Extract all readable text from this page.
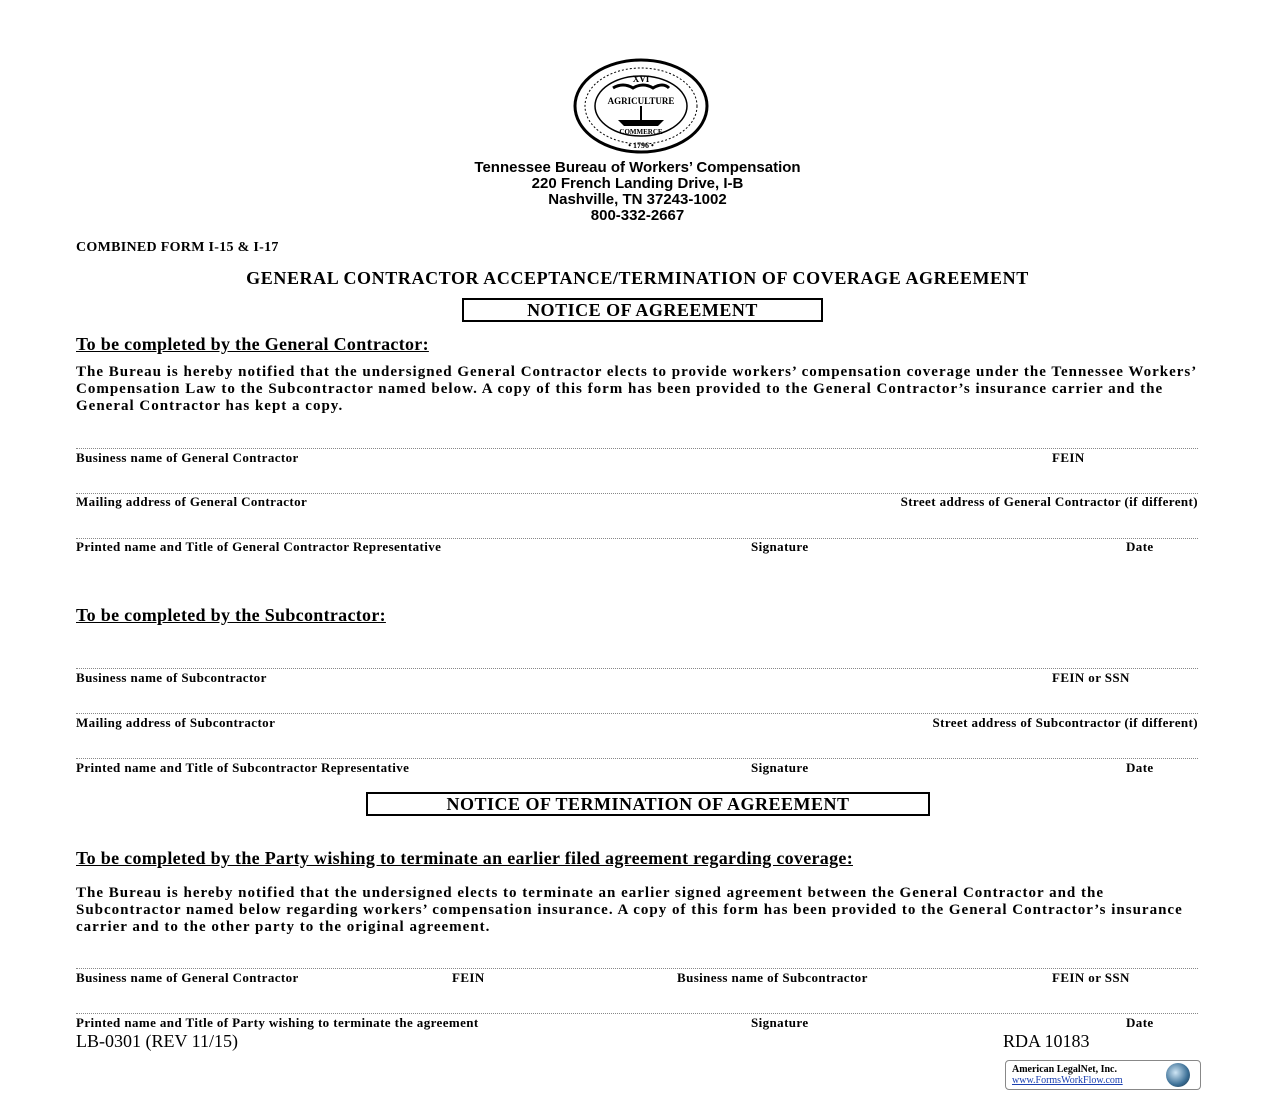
XVI
AGRICULTURE
COMMERCE
• 1796 •
Tennessee Bureau of Workers’ Compensation
220 French Landing Drive, I-B
Nashville, TN 37243-1002
800-332-2667
COMBINED FORM I-15 & I-17
GENERAL CONTRACTOR ACCEPTANCE/TERMINATION OF COVERAGE AGREEMENT
NOTICE OF AGREEMENT
To be completed by the General Contractor:
The Bureau is hereby notified that the undersigned General Contractor elects to provide workers’ compensation coverage under the Tennessee Workers’ Compensation Law to the Subcontractor named below. A copy of this form has been provided to the General Contractor’s insurance carrier and the General Contractor has kept a copy.
Business name of General Contractor	FEIN
Mailing address of General Contractor	Street address of General Contractor (if different)
Printed name and Title of General Contractor Representative	Signature	Date
To be completed by the Subcontractor:
Business name of Subcontractor	FEIN or SSN
Mailing address of Subcontractor	Street address of Subcontractor (if different)
Printed name and Title of Subcontractor Representative	Signature	Date
NOTICE OF TERMINATION OF AGREEMENT
To be completed by the Party wishing to terminate an earlier filed agreement regarding coverage:
The Bureau is hereby notified that the undersigned elects to terminate an earlier signed agreement between the General Contractor and the Subcontractor named below regarding workers’ compensation insurance. A copy of this form has been provided to the General Contractor’s insurance carrier and to the other party to the original agreement.
Business name of General Contractor	FEIN	Business name of Subcontractor	FEIN or SSN
Printed name and Title of Party wishing to terminate the agreement	Signature	Date
LB-0301 (REV 11/15)	RDA 10183
American LegalNet, Inc.
www.FormsWorkFlow.com
